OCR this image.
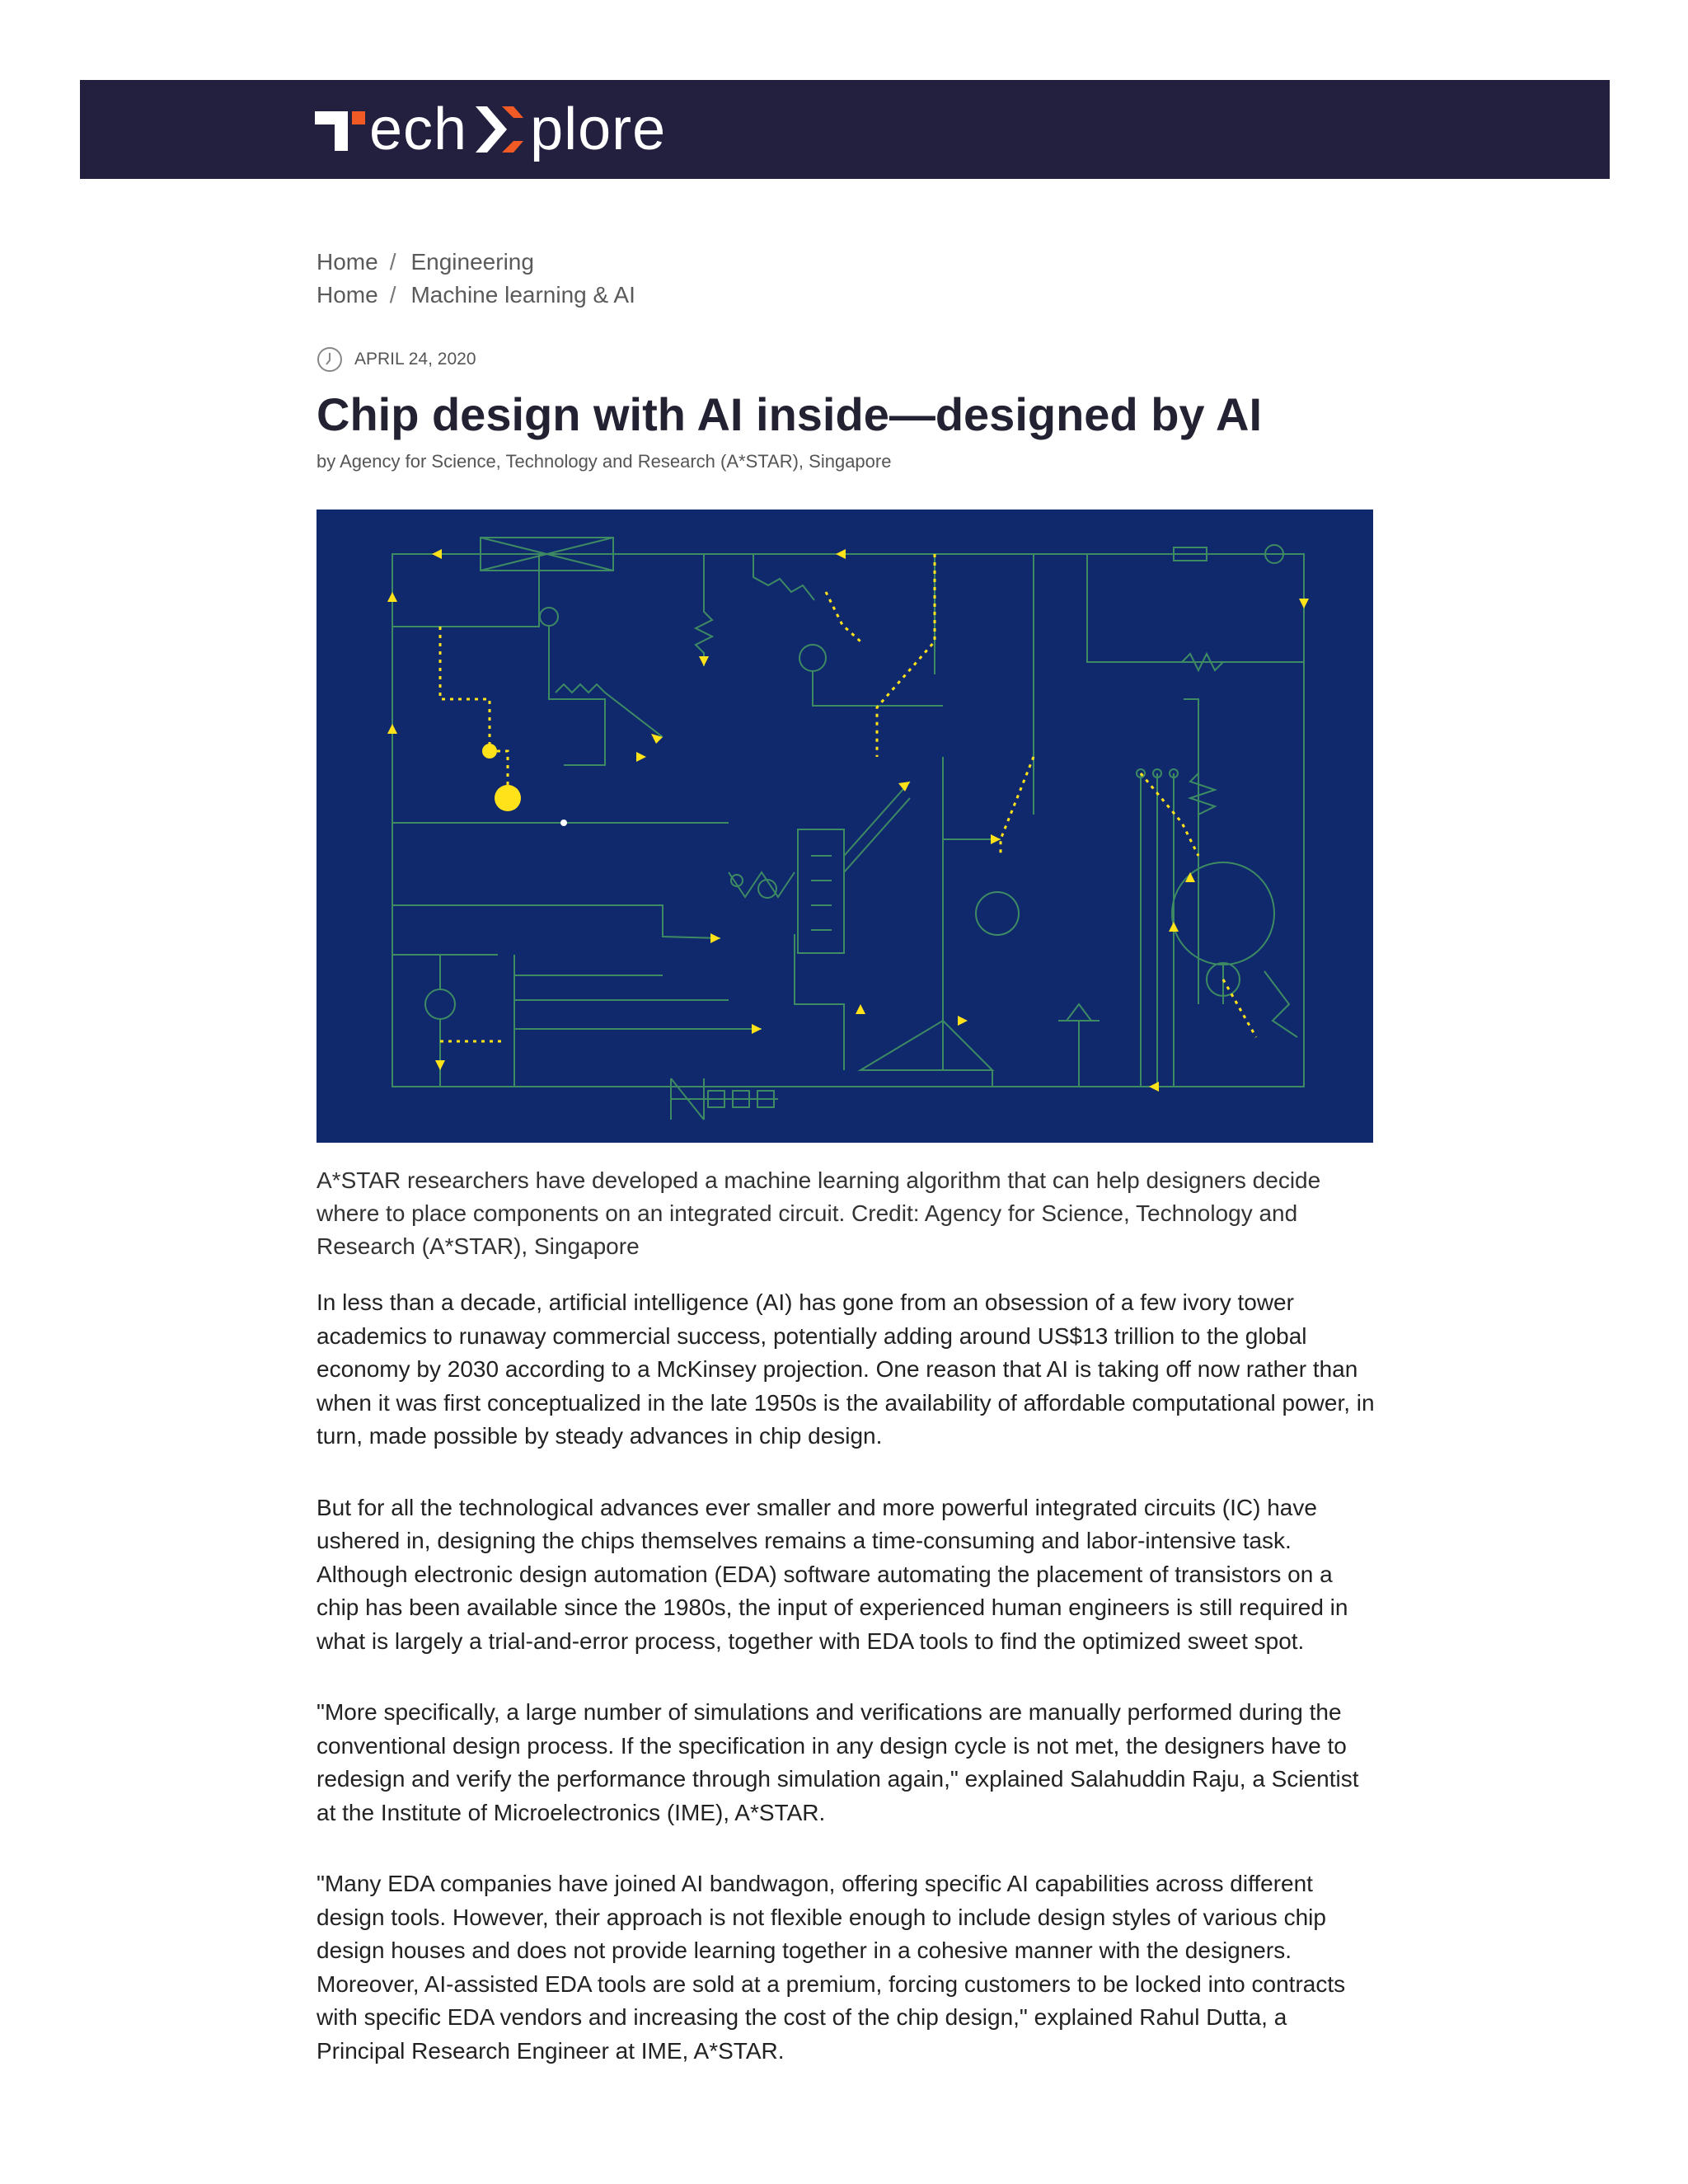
ech plore
Home / Engineering
Home / Machine learning & AI
APRIL 24, 2020
Chip design with AI inside—designed by AI
by Agency for Science, Technology and Research (A*STAR), Singapore
A*STAR researchers have developed a machine learning algorithm that can help designers decide where to place components on an integrated circuit. Credit: Agency for Science, Technology and Research (A*STAR), Singapore

In less than a decade, artificial intelligence (AI) has gone from an obsession of a few ivory tower academics to runaway commercial success, potentially adding around US$13 trillion to the global economy by 2030 according to a McKinsey projection. One reason that AI is taking off now rather than when it was first conceptualized in the late 1950s is the availability of affordable computational power, in turn, made possible by steady advances in chip design.

But for all the technological advances ever smaller and more powerful integrated circuits (IC) have ushered in, designing the chips themselves remains a time-consuming and labor-intensive task. Although electronic design automation (EDA) software automating the placement of transistors on a chip has been available since the 1980s, the input of experienced human engineers is still required in what is largely a trial-and-error process, together with EDA tools to find the optimized sweet spot.

"More specifically, a large number of simulations and verifications are manually performed during the conventional design process. If the specification in any design cycle is not met, the designers have to redesign and verify the performance through simulation again," explained Salahuddin Raju, a Scientist at the Institute of Microelectronics (IME), A*STAR.

"Many EDA companies have joined AI bandwagon, offering specific AI capabilities across different design tools. However, their approach is not flexible enough to include design styles of various chip design houses and does not provide learning together in a cohesive manner with the designers. Moreover, AI-assisted EDA tools are sold at a premium, forcing customers to be locked into contracts with specific EDA vendors and increasing the cost of the chip design," explained Rahul Dutta, a Principal Research Engineer at IME, A*STAR.
